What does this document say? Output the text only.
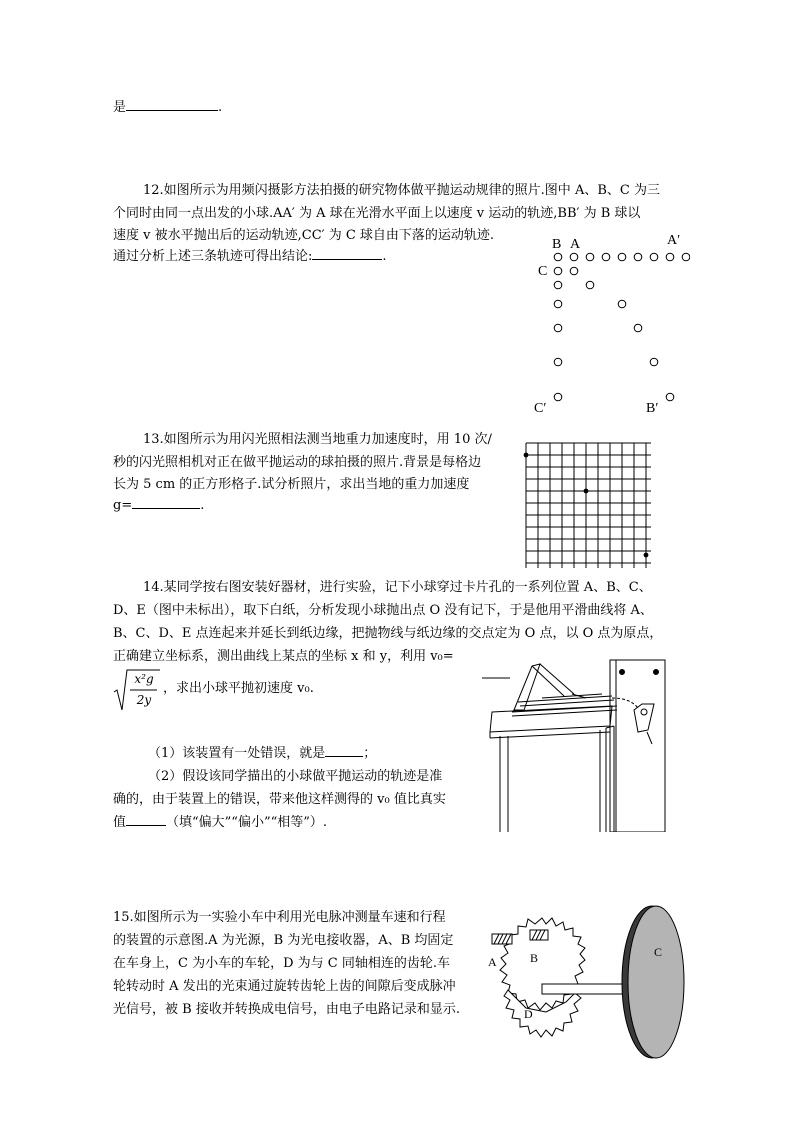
是	.
12.如图所示为用频闪摄影方法拍摄的研究物体做平抛运动规律的照片.图中 A、B、C 为三
个同时由同一点出发的小球.AA′ 为 A 球在光滑水平面上以速度 v 运动的轨迹,BB′ 为 B 球以
速度 v 被水平抛出后的运动轨迹,CC′ 为 C 球自由下落的运动轨迹.
通过分析上述三条轨迹可得出结论:	.
B A	A′
C
C′	B′
13.如图所示为用闪光照相法测当地重力加速度时，用 10 次/
秒的闪光照相机对正在做平抛运动的球拍摄的照片.背景是每格边
长为 5 cm 的正方形格子.试分析照片，求出当地的重力加速度
g=	.
14.某同学按右图安装好器材，进行实验，记下小球穿过卡片孔的一系列位置 A、B、C、
D、E（图中未标出），取下白纸，分析发现小球抛出点 O 没有记下，于是他用平滑曲线将 A、
B、C、D、E 点连起来并延长到纸边缘，把抛物线与纸边缘的交点定为 O 点，以 O 点为原点，
正确建立坐标系，测出曲线上某点的坐标 x 和 y，利用 v₀=
x²g
2y
，求出小球平抛初速度 v₀.
（1）该装置有一处错误，就是	；
（2）假设该同学描出的小球做平抛运动的轨迹是准
确的，由于装置上的错误，带来他这样测得的 v₀ 值比真实
值	（填“偏大”“偏小”“相等”）.
15.如图所示为一实验小车中利用光电脉冲测量车速和行程
的装置的示意图.A 为光源，B 为光电接收器，A、B 均固定
在车身上，C 为小车的车轮，D 为与 C 同轴相连的齿轮.车
轮转动时 A 发出的光束通过旋转齿轮上齿的间隙后变成脉冲
光信号，被 B 接收并转换成电信号，由电子电路记录和显示.
A	B	C
D
